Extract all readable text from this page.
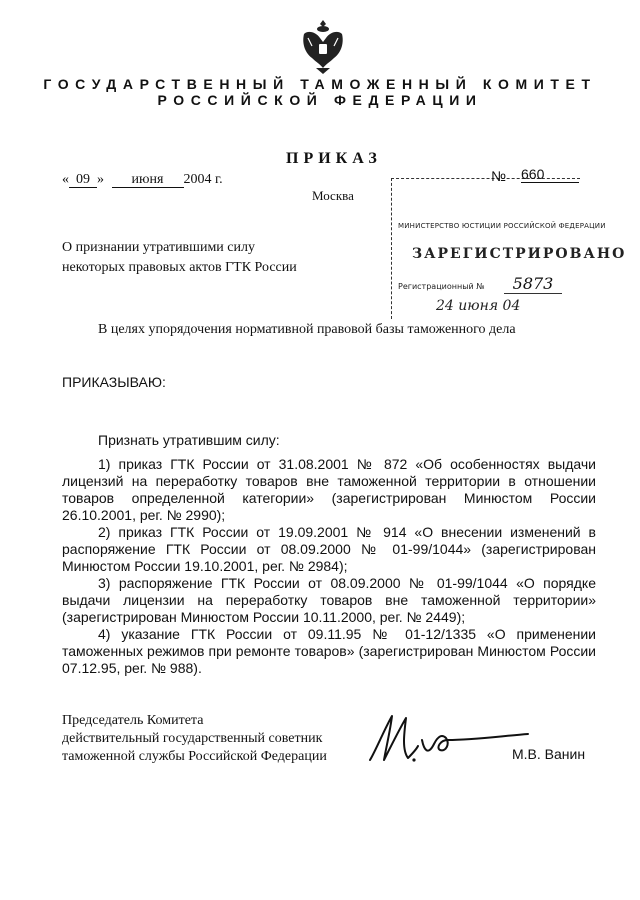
ГОСУДАРСТВЕННЫЙ ТАМОЖЕННЫЙ КОМИТЕТ
РОССИЙСКОЙ ФЕДЕРАЦИИ
ПРИКАЗ
« 09 » июня 2004 г.
Москва
О признании утратившими силу
некоторых правовых актов ГТК России
№ 660
МИНИСТЕРСТВО ЮСТИЦИИ РОССИЙСКОЙ ФЕДЕРАЦИИ
ЗАРЕГИСТРИРОВАНО
Регистрационный №	5873
24 июня 04
В целях упорядочения нормативной правовой базы таможенного дела
ПРИКАЗЫВАЮ:
Признать утратившим силу:

1) приказ ГТК России от 31.08.2001 № 872 «Об особенностях выдачи лицензий на переработку товаров вне таможенной территории в отношении товаров определенной категории» (зарегистрирован Минюстом России 26.10.2001, рег. № 2990);

2) приказ ГТК России от 19.09.2001 № 914 «О внесении изменений в распоряжение ГТК России от 08.09.2000 № 01-99/1044» (зарегистрирован Минюстом России 19.10.2001, рег. № 2984);

3) распоряжение ГТК России от 08.09.2000 № 01-99/1044 «О порядке выдачи лицензии на переработку товаров вне таможенной территории» (зарегистрирован Минюстом России 10.11.2000, рег. № 2449);

4) указание ГТК России от 09.11.95 № 01-12/1335 «О применении таможенных режимов при ремонте товаров» (зарегистрирован Минюстом России 07.12.95, рег. № 988).

Председатель Комитета
действительный государственный советник
таможенной службы Российской Федерации	М.В. Ванин
